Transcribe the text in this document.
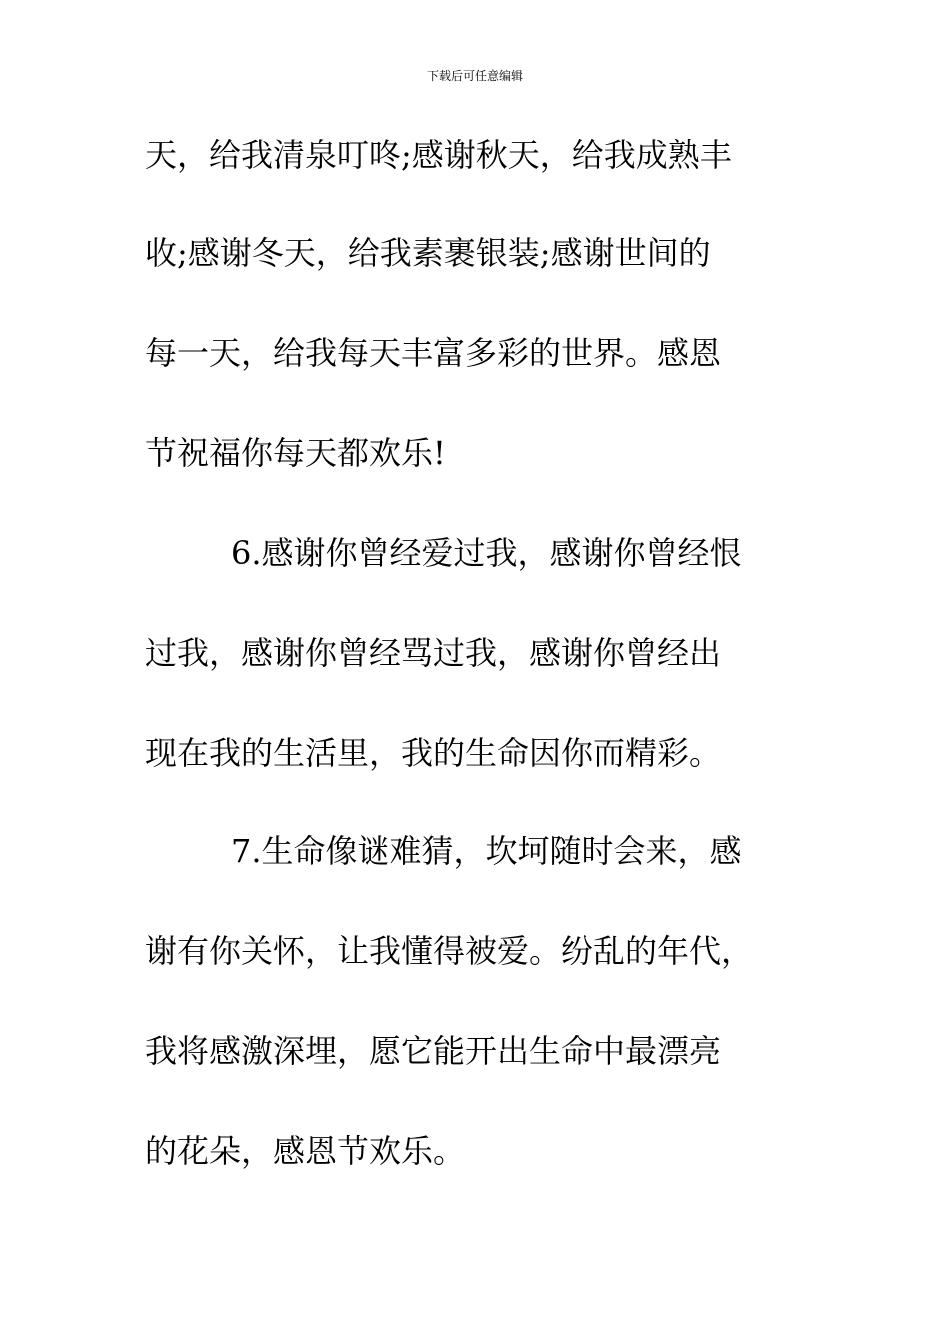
下载后可任意编辑
天，给我清泉叮咚;感谢秋天，给我成熟丰
收;感谢冬天，给我素裹银装;感谢世间的
每一天，给我每天丰富多彩的世界。感恩
节祝福你每天都欢乐!
6.感谢你曾经爱过我，感谢你曾经恨
过我，感谢你曾经骂过我，感谢你曾经出
现在我的生活里，我的生命因你而精彩。
7.生命像谜难猜，坎坷随时会来，感
谢有你关怀，让我懂得被爱。纷乱的年代，
我将感激深埋，愿它能开出生命中最漂亮
的花朵，感恩节欢乐。
